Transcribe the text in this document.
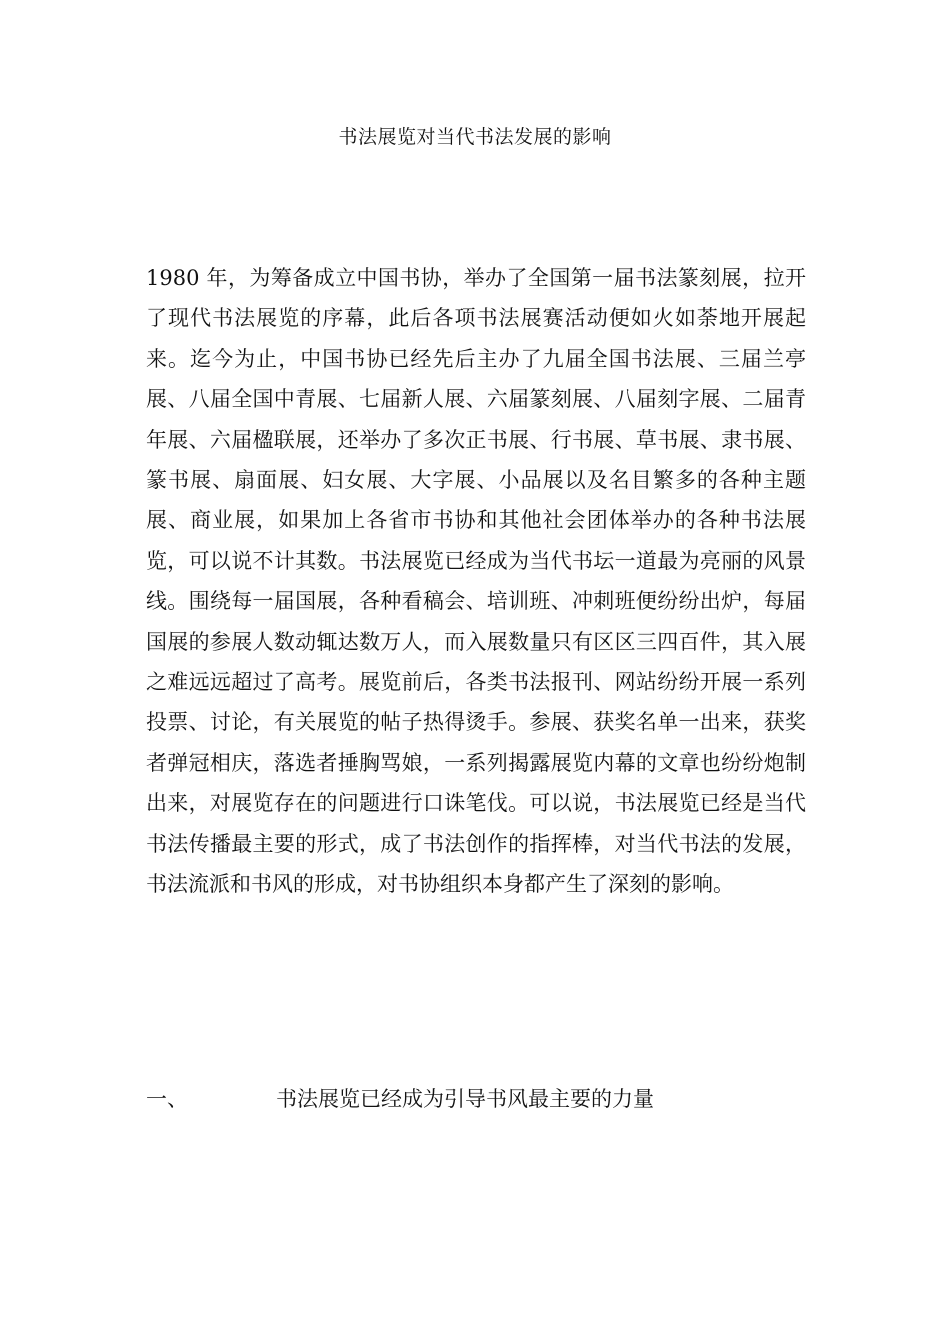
书法展览对当代书法发展的影响

1980 年，为筹备成立中国书协，举办了全国第一届书法篆刻展，拉开了现代书法展览的序幕，此后各项书法展赛活动便如火如荼地开展起来。迄今为止，中国书协已经先后主办了九届全国书法展、三届兰亭展、八届全国中青展、七届新人展、六届篆刻展、八届刻字展、二届青年展、六届楹联展，还举办了多次正书展、行书展、草书展、隶书展、篆书展、扇面展、妇女展、大字展、小品展以及名目繁多的各种主题展、商业展，如果加上各省市书协和其他社会团体举办的各种书法展览，可以说不计其数。书法展览已经成为当代书坛一道最为亮丽的风景线。围绕每一届国展，各种看稿会、培训班、冲刺班便纷纷出炉，每届国展的参展人数动辄达数万人，而入展数量只有区区三四百件，其入展之难远远超过了高考。展览前后，各类书法报刊、网站纷纷开展一系列投票、讨论，有关展览的帖子热得烫手。参展、获奖名单一出来，获奖者弹冠相庆，落选者捶胸骂娘，一系列揭露展览内幕的文章也纷纷炮制出来，对展览存在的问题进行口诛笔伐。可以说，书法展览已经是当代书法传播最主要的形式，成了书法创作的指挥棒，对当代书法的发展，书法流派和书风的形成，对书协组织本身都产生了深刻的影响。

一、	书法展览已经成为引导书风最主要的力量
